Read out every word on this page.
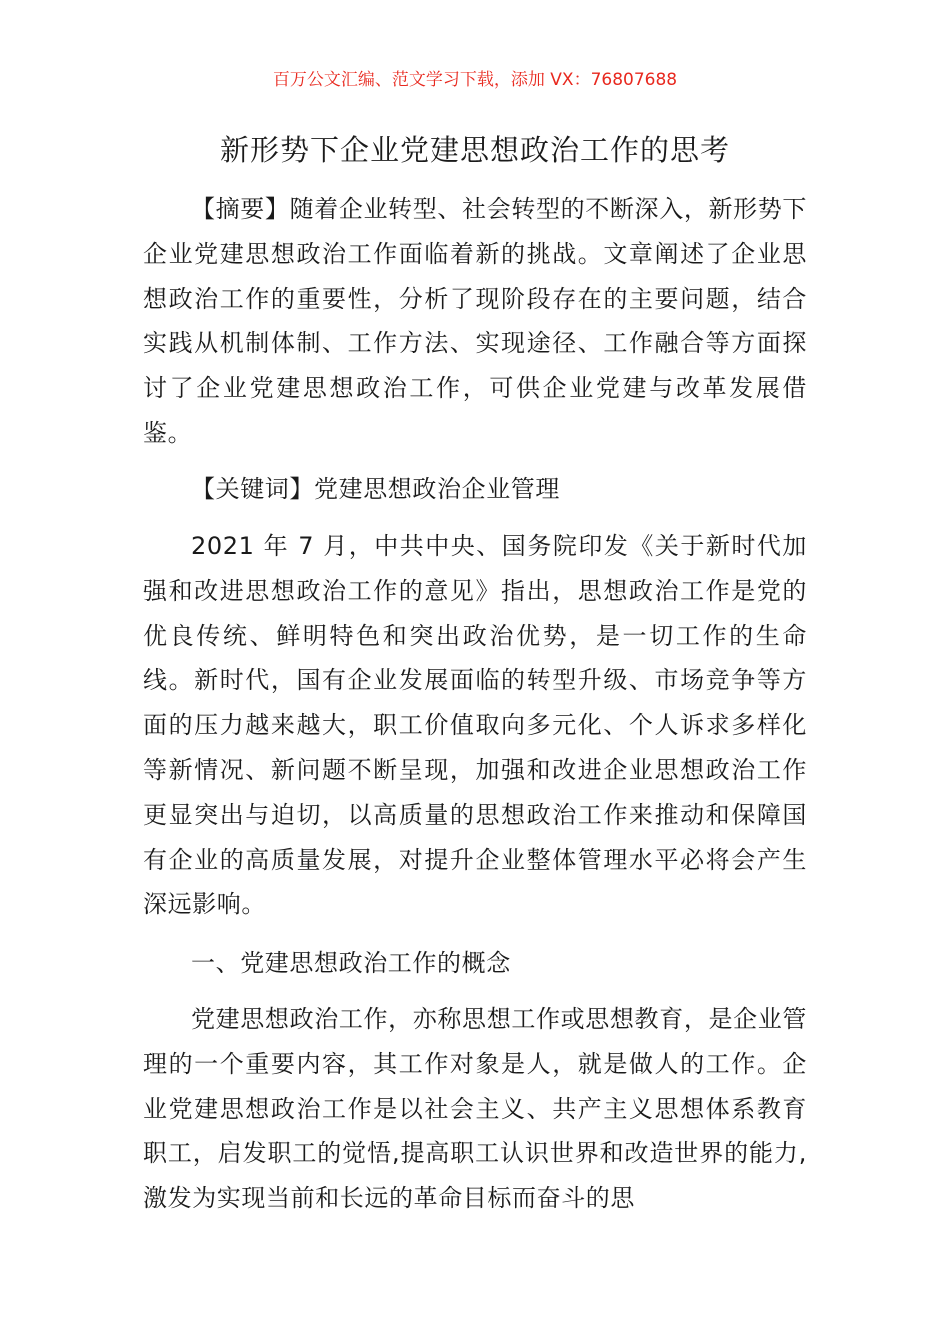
百万公文汇编、范文学习下载，添加 VX：76807688
新形势下企业党建思想政治工作的思考

【摘要】随着企业转型、社会转型的不断深入，新形势下企业党建思想政治工作面临着新的挑战。文章阐述了企业思想政治工作的重要性，分析了现阶段存在的主要问题，结合实践从机制体制、工作方法、实现途径、工作融合等方面探讨了企业党建思想政治工作，可供企业党建与改革发展借鉴。

【关键词】党建思想政治企业管理

2021 年 7 月，中共中央、国务院印发《关于新时代加强和改进思想政治工作的意见》指出，思想政治工作是党的优良传统、鲜明特色和突出政治优势，是一切工作的生命线。新时代，国有企业发展面临的转型升级、市场竞争等方面的压力越来越大，职工价值取向多元化、个人诉求多样化等新情况、新问题不断呈现，加强和改进企业思想政治工作更显突出与迫切，以高质量的思想政治工作来推动和保障国有企业的高质量发展，对提升企业整体管理水平必将会产生深远影响。

一、党建思想政治工作的概念

党建思想政治工作，亦称思想工作或思想教育，是企业管理的一个重要内容，其工作对象是人，就是做人的工作。企业党建思想政治工作是以社会主义、共产主义思想体系教育职工，启发职工的觉悟,提高职工认识世界和改造世界的能力,激发为实现当前和长远的革命目标而奋斗的思
